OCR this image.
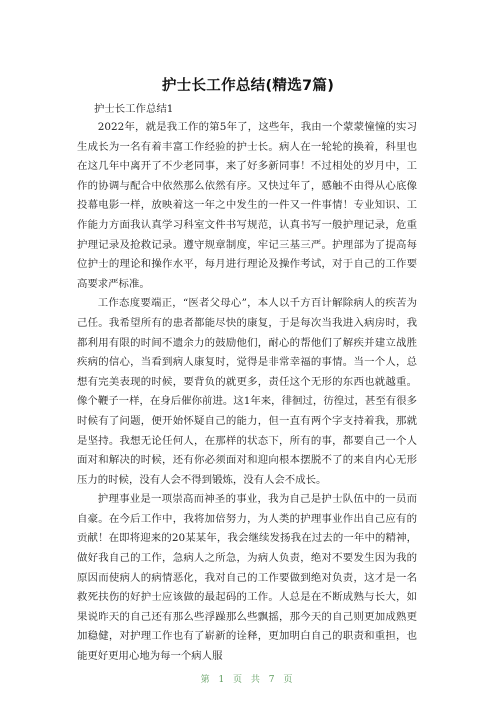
护士长工作总结(精选7篇)
护士长工作总结1

2022年，就是我工作的第5年了，这些年，我由一个蒙蒙憧憧的实习生成长为一名有着丰富工作经验的护士长。病人在一轮轮的换着，科里也在这几年中离开了不少老同事，来了好多新同事！不过相处的岁月中，工作的协调与配合中依然那么依然有序。又快过年了，感触不由得从心底像投幕电影一样，放映着这一年之中发生的一件又一件事情！专业知识、工作能力方面我认真学习科室文件书写规范，认真书写一般护理记录，危重护理记录及抢救记录。遵守规章制度，牢记三基三严。护理部为了提高每位护士的理论和操作水平，每月进行理论及操作考试，对于自己的工作要高要求严标准。

工作态度要端正，“医者父母心”，本人以千方百计解除病人的疾苦为己任。我希望所有的患者都能尽快的康复，于是每次当我进入病房时，我都利用有限的时间不遗余力的鼓励他们，耐心的帮他们了解疾并建立战胜疾病的信心，当看到病人康复时，觉得是非常幸福的事情。当一个人，总想有完美表现的时候，要背负的就更多，责任这个无形的东西也就越重。像个鞭子一样，在身后催你前进。这1年来，徘徊过，彷徨过，甚至有很多时候有了问题，便开始怀疑自己的能力，但一直有两个字支持着我，那就是坚持。我想无论任何人，在那样的状态下，所有的事，都要自己一个人面对和解决的时候，还有你必须面对和迎向根本摆脱不了的来自内心无形压力的时候，没有人会不得到锻炼，没有人会不成长。

护理事业是一项崇高而神圣的事业，我为自己是护士队伍中的一员而自豪。在今后工作中，我将加倍努力，为人类的护理事业作出自己应有的贡献！在即将迎来的20某某年，我会继续发扬我在过去的一年中的精神，做好我自己的工作，急病人之所急，为病人负责，绝对不要发生因为我的原因而使病人的病情恶化，我对自己的工作要做到绝对负责，这才是一名救死扶伤的好护士应该做的最起码的工作。人总是在不断成熟与长大，如果说昨天的自己还有那么些浮躁那么些飘摇，那今天的自己则更加成熟更加稳健，对护理工作也有了崭新的诠释，更加明白自己的职责和重担，也能更好更用心地为每一个病人服

第 1 页 共 7 页
